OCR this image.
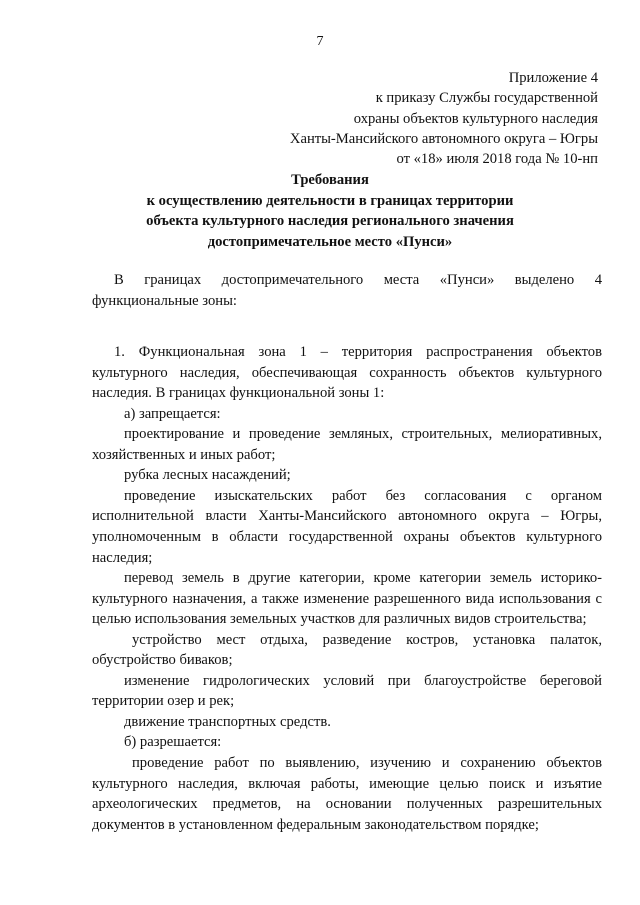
7
Приложение 4
к приказу Службы государственной
охраны объектов культурного наследия
Ханты-Мансийского автономного округа – Югры
от «18» июля 2018 года № 10-нп
Требования
к осуществлению деятельности в границах территории
объекта культурного наследия регионального значения
достопримечательное место «Пунси»
В границах достопримечательного места «Пунси» выделено 4 функциональные зоны:
1. Функциональная зона 1 – территория распространения объектов культурного наследия, обеспечивающая сохранность объектов культурного наследия. В границах функциональной зоны 1:
а) запрещается:
проектирование и проведение земляных, строительных, мелиоративных, хозяйственных и иных работ;
рубка лесных насаждений;
проведение изыскательских работ без согласования с органом исполнительной власти Ханты-Мансийского автономного округа – Югры, уполномоченным в области государственной охраны объектов культурного наследия;
перевод земель в другие категории, кроме категории земель историко-культурного назначения, а также изменение разрешенного вида использования с целью использования земельных участков для различных видов строительства;
устройство мест отдыха, разведение костров, установка палаток, обустройство биваков;
изменение гидрологических условий при благоустройстве береговой территории озер и рек;
движение транспортных средств.
б) разрешается:
проведение работ по выявлению, изучению и сохранению объектов культурного наследия, включая работы, имеющие целью поиск и изъятие археологических предметов, на основании полученных разрешительных документов в установленном федеральным законодательством порядке;
